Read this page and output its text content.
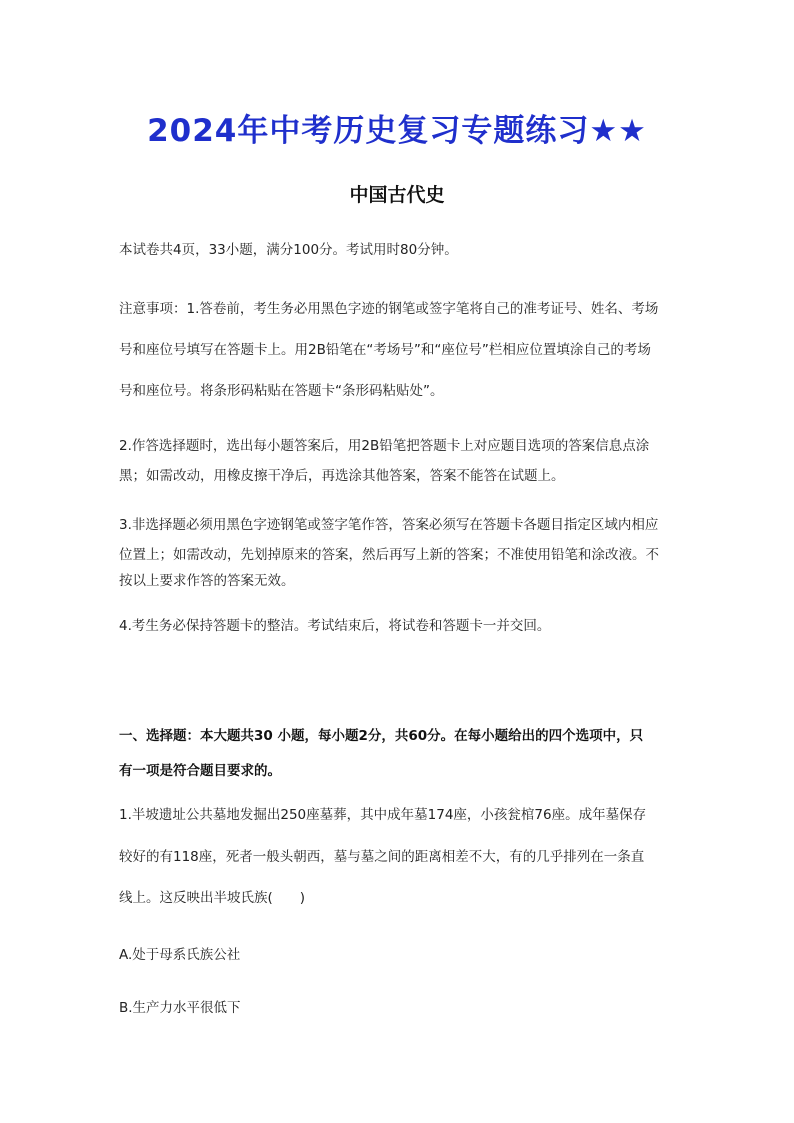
2024年中考历史复习专题练习★★
中国古代史
本试卷共4页，33小题，满分100分。考试用时80分钟。
注意事项：1.答卷前，考生务必用黑色字迹的钢笔或签字笔将自己的准考证号、姓名、考场
号和座位号填写在答题卡上。用2B铅笔在“考场号”和“座位号”栏相应位置填涂自己的考场
号和座位号。将条形码粘贴在答题卡“条形码粘贴处”。
2.作答选择题时，选出每小题答案后，用2B铅笔把答题卡上对应题目选项的答案信息点涂
黑；如需改动，用橡皮擦干净后，再选涂其他答案，答案不能答在试题上。
3.非选择题必须用黑色字迹钢笔或签字笔作答，答案必须写在答题卡各题目指定区域内相应
位置上；如需改动，先划掉原来的答案，然后再写上新的答案；不准使用铅笔和涂改液。不
按以上要求作答的答案无效。
4.考生务必保持答题卡的整洁。考试结束后，将试卷和答题卡一并交回。
一、选择题：本大题共30 小题，每小题2分，共60分。在每小题给出的四个选项中，只
有一项是符合题目要求的。
1.半坡遗址公共墓地发掘出250座墓葬，其中成年墓174座，小孩瓮棺76座。成年墓保存
较好的有118座，死者一般头朝西，墓与墓之间的距离相差不大，有的几乎排列在一条直
线上。这反映出半坡氏族(　　)
A.处于母系氏族公社
B.生产力水平很低下
